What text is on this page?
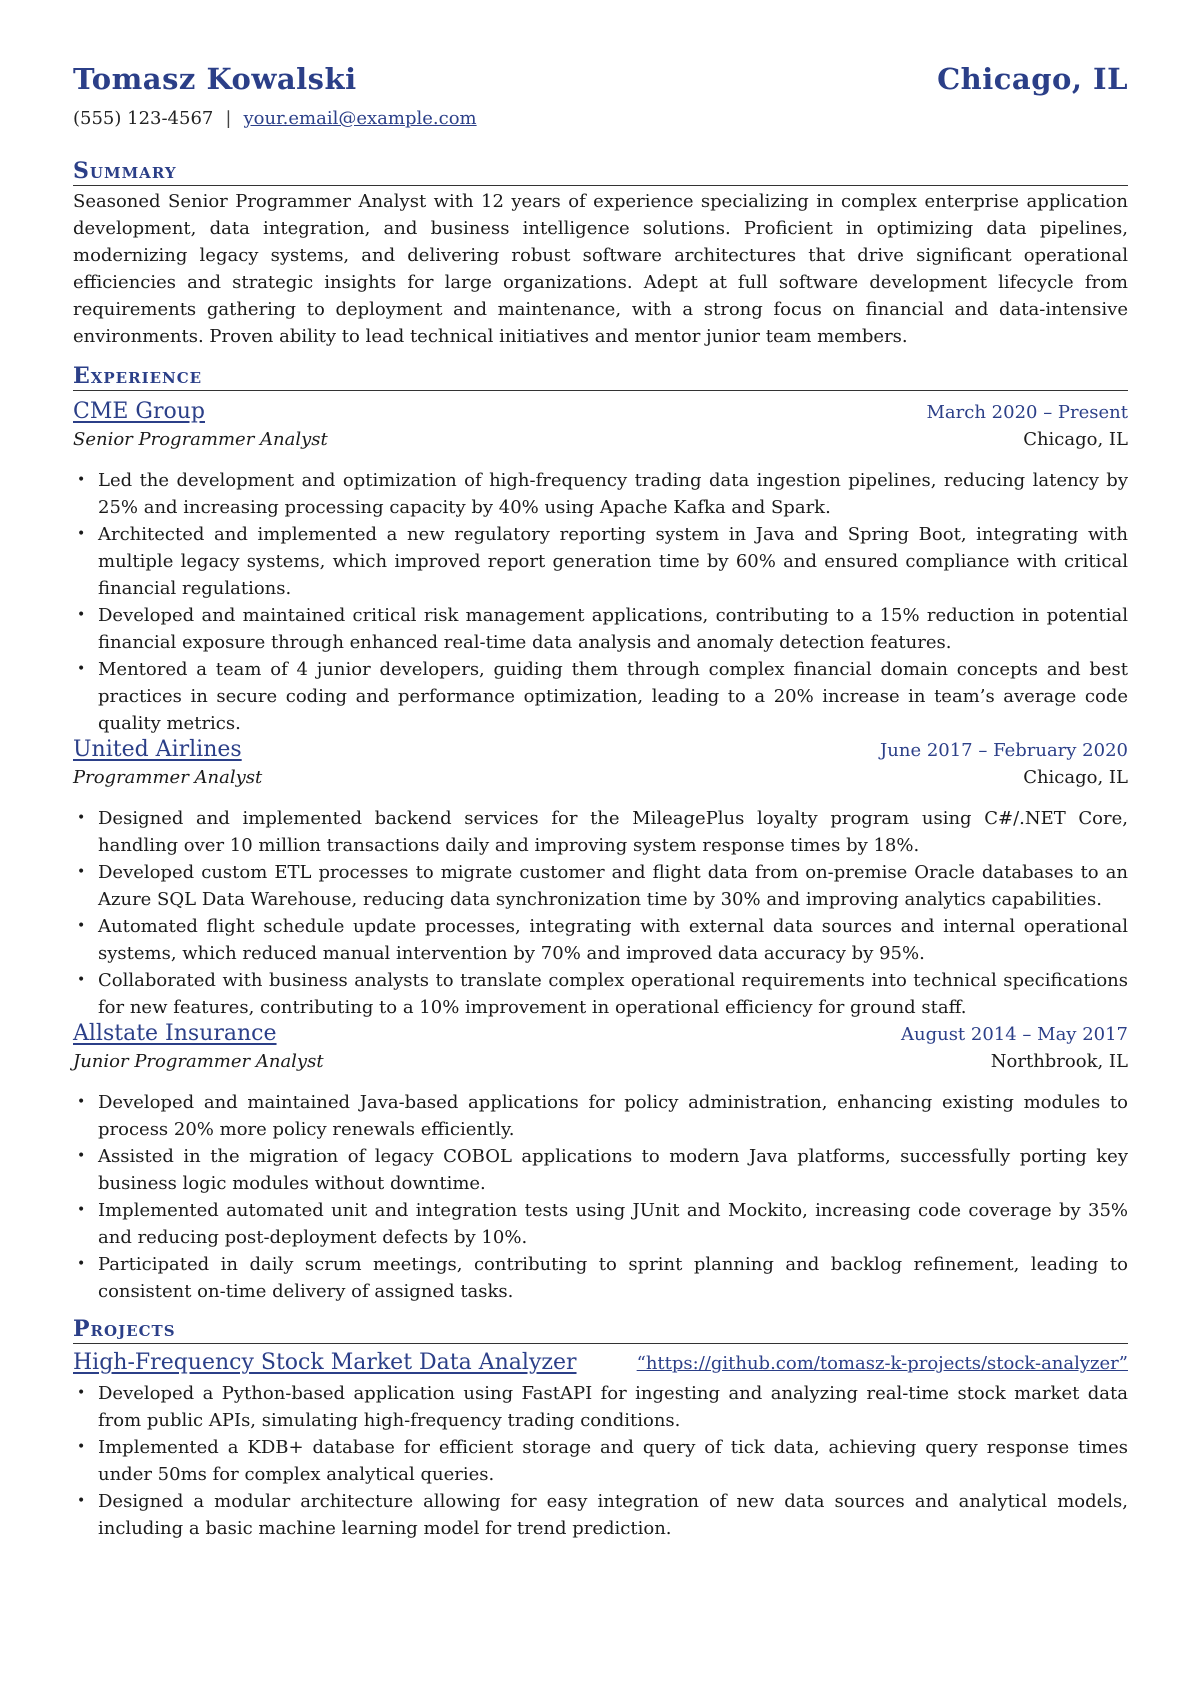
Tomasz Kowalski	Chicago, IL
(555) 123-4567 | your.email@example.com
Summary
Seasoned Senior Programmer Analyst with 12 years of experience specializing in complex enterprise application development, data integration, and business intelligence solutions. Proficient in optimizing data pipelines, modernizing legacy systems, and delivering robust software architectures that drive significant operational efficiencies and strategic insights for large organizations. Adept at full software development lifecycle from requirements gathering to deployment and maintenance, with a strong focus on financial and data-intensive environments. Proven ability to lead technical initiatives and mentor junior team members.
Experience
CME Group	March 2020 – Present
Senior Programmer Analyst	Chicago, IL
• Led the development and optimization of high-frequency trading data ingestion pipelines, reducing latency by 25% and increasing processing capacity by 40% using Apache Kafka and Spark.
• Architected and implemented a new regulatory reporting system in Java and Spring Boot, integrating with multiple legacy systems, which improved report generation time by 60% and ensured compliance with critical financial regulations.
• Developed and maintained critical risk management applications, contributing to a 15% reduction in potential financial exposure through enhanced real-time data analysis and anomaly detection features.
• Mentored a team of 4 junior developers, guiding them through complex financial domain concepts and best practices in secure coding and performance optimization, leading to a 20% increase in team’s average code quality metrics.
United Airlines	June 2017 – February 2020
Programmer Analyst	Chicago, IL
• Designed and implemented backend services for the MileagePlus loyalty program using C#/.NET Core, handling over 10 million transactions daily and improving system response times by 18%.
• Developed custom ETL processes to migrate customer and flight data from on-premise Oracle databases to an Azure SQL Data Warehouse, reducing data synchronization time by 30% and improving analytics capabilities.
• Automated flight schedule update processes, integrating with external data sources and internal operational systems, which reduced manual intervention by 70% and improved data accuracy by 95%.
• Collaborated with business analysts to translate complex operational requirements into technical specifications for new features, contributing to a 10% improvement in operational efficiency for ground staff.
Allstate Insurance	August 2014 – May 2017
Junior Programmer Analyst	Northbrook, IL
• Developed and maintained Java-based applications for policy administration, enhancing existing modules to process 20% more policy renewals efficiently.
• Assisted in the migration of legacy COBOL applications to modern Java platforms, successfully porting key business logic modules without downtime.
• Implemented automated unit and integration tests using JUnit and Mockito, increasing code coverage by 35% and reducing post-deployment defects by 10%.
• Participated in daily scrum meetings, contributing to sprint planning and backlog refinement, leading to consistent on-time delivery of assigned tasks.
Projects
High-Frequency Stock Market Data Analyzer	“https://github.com/tomasz-k-projects/stock-analyzer”
• Developed a Python-based application using FastAPI for ingesting and analyzing real-time stock market data from public APIs, simulating high-frequency trading conditions.
• Implemented a KDB+ database for efficient storage and query of tick data, achieving query response times under 50ms for complex analytical queries.
• Designed a modular architecture allowing for easy integration of new data sources and analytical models, including a basic machine learning model for trend prediction.
